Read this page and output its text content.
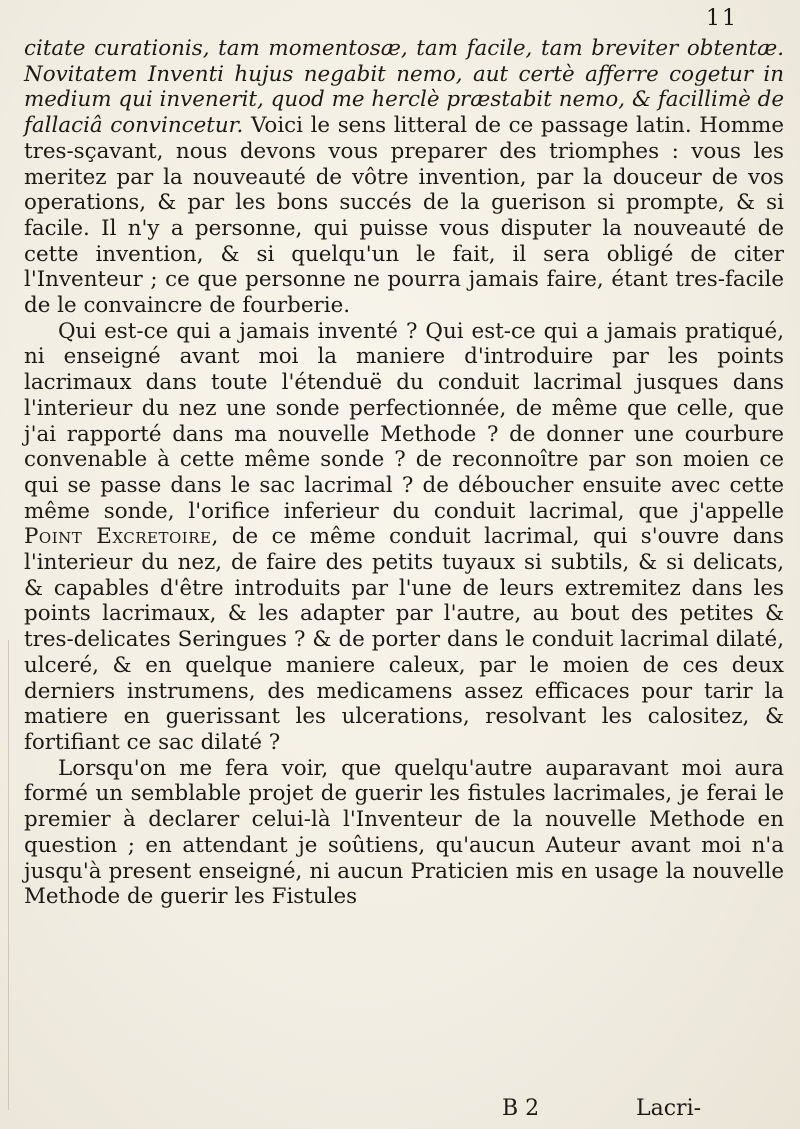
11

citate curationis, tam momentosæ, tam facile, tam breviter obtentæ. Novitatem Inventi hujus negabit nemo, aut certè afferre cogetur in medium qui invenerit, quod me herclè præstabit nemo, & facillimè de fallaciâ convincetur. Voici le sens litteral de ce passage latin. Homme tres-sçavant, nous devons vous preparer des triomphes : vous les meritez par la nouveauté de vôtre invention, par la douceur de vos operations, & par les bons succés de la guerison si prompte, & si facile. Il n'y a personne, qui puisse vous disputer la nouveauté de cette invention, & si quelqu'un le fait, il sera obligé de citer l'Inventeur ; ce que personne ne pourra jamais faire, étant tres-facile de le convaincre de fourberie.

Qui est-ce qui a jamais inventé ? Qui est-ce qui a jamais pratiqué, ni enseigné avant moi la maniere d'introduire par les points lacrimaux dans toute l'étenduë du conduit lacrimal jusques dans l'interieur du nez une sonde perfectionnée, de même que celle, que j'ai rapporté dans ma nouvelle Methode ? de donner une courbure convenable à cette même sonde ? de reconnoître par son moien ce qui se passe dans le sac lacrimal ? de déboucher ensuite avec cette même sonde, l'orifice inferieur du conduit lacrimal, que j'appelle Point Excretoire, de ce même conduit lacrimal, qui s'ouvre dans l'interieur du nez, de faire des petits tuyaux si subtils, & si delicats, & capables d'être introduits par l'une de leurs extremitez dans les points lacrimaux, & les adapter par l'autre, au bout des petites & tres-delicates Seringues ? & de porter dans le conduit lacrimal dilaté, ulceré, & en quelque maniere caleux, par le moien de ces deux derniers instrumens, des medicamens assez efficaces pour tarir la matiere en guerissant les ulcerations, resolvant les calositez, & fortifiant ce sac dilaté ?

Lorsqu'on me fera voir, que quelqu'autre auparavant moi aura formé un semblable projet de guerir les fistules lacrimales, je ferai le premier à declarer celui-là l'Inventeur de la nouvelle Methode en question ; en attendant je soûtiens, qu'aucun Auteur avant moi n'a jusqu'à present enseigné, ni aucun Praticien mis en usage la nouvelle Methode de guerir les Fistules

B 2	Lacri-
